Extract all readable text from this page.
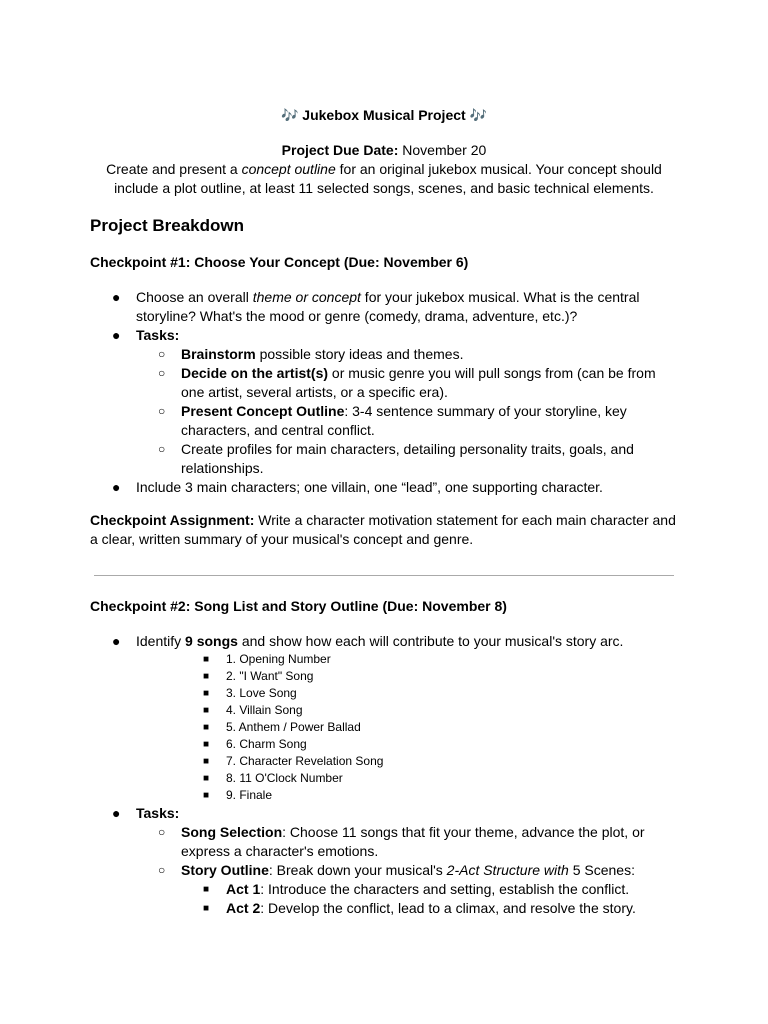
🎶 Jukebox Musical Project 🎶
Project Due Date: November 20
Create and present a concept outline for an original jukebox musical. Your concept should include a plot outline, at least 11 selected songs, scenes, and basic technical elements.
Project Breakdown
Checkpoint #1: Choose Your Concept (Due: November 6)
● Choose an overall theme or concept for your jukebox musical. What is the central storyline? What's the mood or genre (comedy, drama, adventure, etc.)?
● Tasks:
○ Brainstorm possible story ideas and themes.
○ Decide on the artist(s) or music genre you will pull songs from (can be from one artist, several artists, or a specific era).
○ Present Concept Outline: 3-4 sentence summary of your storyline, key characters, and central conflict.
○ Create profiles for main characters, detailing personality traits, goals, and relationships.
● Include 3 main characters; one villain, one “lead”, one supporting character.
Checkpoint Assignment: Write a character motivation statement for each main character and a clear, written summary of your musical's concept and genre.
Checkpoint #2: Song List and Story Outline (Due: November 8)
● Identify 9 songs and show how each will contribute to your musical's story arc.
■ 1. Opening Number
■ 2. "I Want" Song
■ 3. Love Song
■ 4. Villain Song
■ 5. Anthem / Power Ballad
■ 6. Charm Song
■ 7. Character Revelation Song
■ 8. 11 O'Clock Number
■ 9. Finale
● Tasks:
○ Song Selection: Choose 11 songs that fit your theme, advance the plot, or express a character's emotions.
○ Story Outline: Break down your musical's 2-Act Structure with 5 Scenes:
■ Act 1: Introduce the characters and setting, establish the conflict.
■ Act 2: Develop the conflict, lead to a climax, and resolve the story.
